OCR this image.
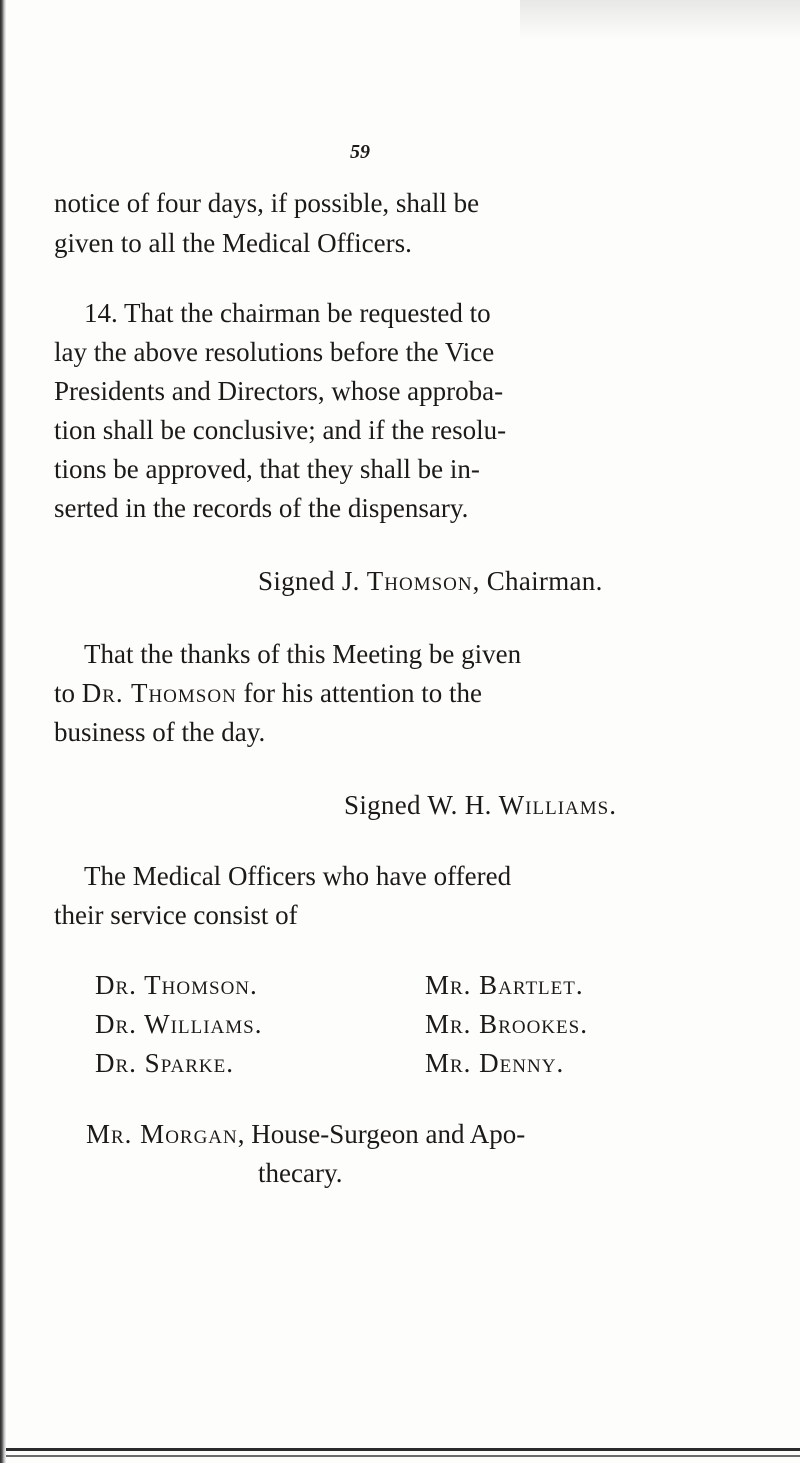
59
notice of four days, if possible, shall be
given to all the Medical Officers.
14. That the chairman be requested to
lay the above resolutions before the Vice
Presidents and Directors, whose approba-
tion shall be conclusive; and if the resolu-
tions be approved, that they shall be in-
serted in the records of the dispensary.
Signed J. Thomson, Chairman.
That the thanks of this Meeting be given
to Dr. Thomson for his attention to the
business of the day.
Signed W. H. Williams.
The Medical Officers who have offered
their service consist of
Dr. Thomson.	Mr. Bartlet.
Dr. Williams.	Mr. Brookes.
Dr. Sparke.	Mr. Denny.
Mr. Morgan, House-Surgeon and Apo-
thecary.
